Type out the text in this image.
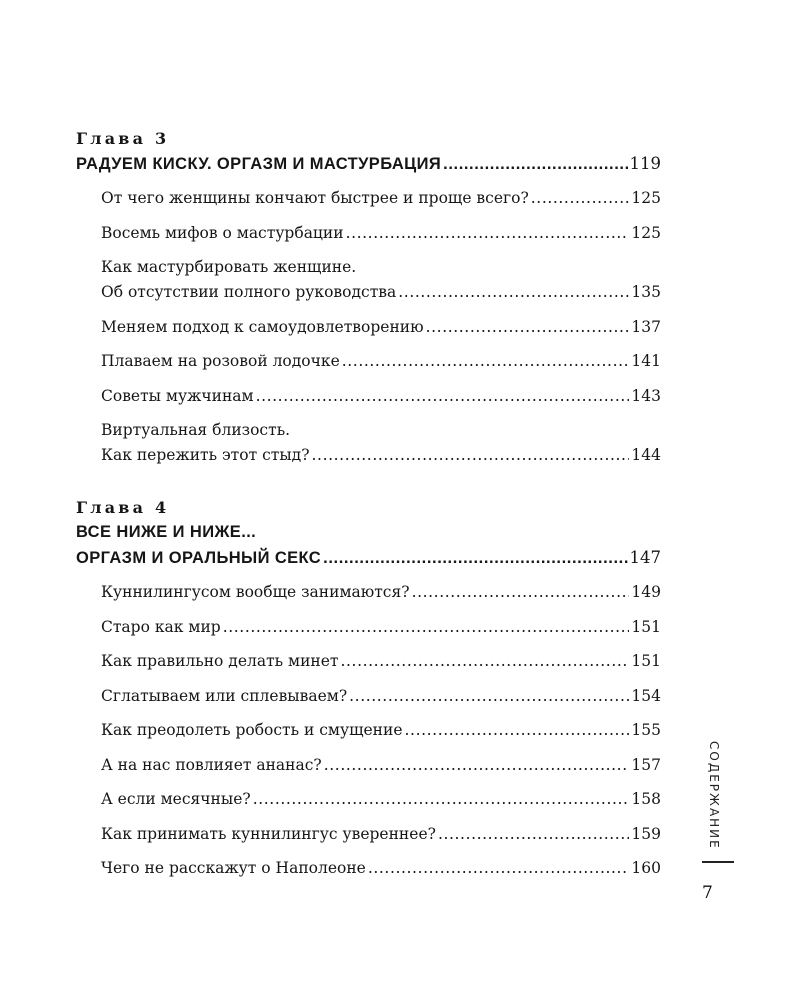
Глава 3
РАДУЕМ КИСКУ. ОРГАЗМ И МАСТУРБАЦИЯ .....	119
От чего женщины кончают быстрее и проще всего? .....	125
Восемь мифов о мастурбации .....	125
Как мастурбировать женщине.
Об отсутствии полного руководства .....	135
Меняем подход к самоудовлетворению .....	137
Плаваем на розовой лодочке .....	141
Советы мужчинам .....	143
Виртуальная близость.
Как пережить этот стыд? .....	144
Глава 4
ВСЕ НИЖЕ И НИЖЕ...
ОРГАЗМ И ОРАЛЬНЫЙ СЕКС .....	147
Куннилингусом вообще занимаются? .....	149
Старо как мир .....	151
Как правильно делать минет .....	151
Сглатываем или сплевываем? .....	154
Как преодолеть робость и смущение .....	155
А на нас повлияет ананас? .....	157
А если месячные? .....	158
Как принимать куннилингус увереннее? .....	159
Чего не расскажут о Наполеоне .....	160
СОДЕРЖАНИЕ
7
